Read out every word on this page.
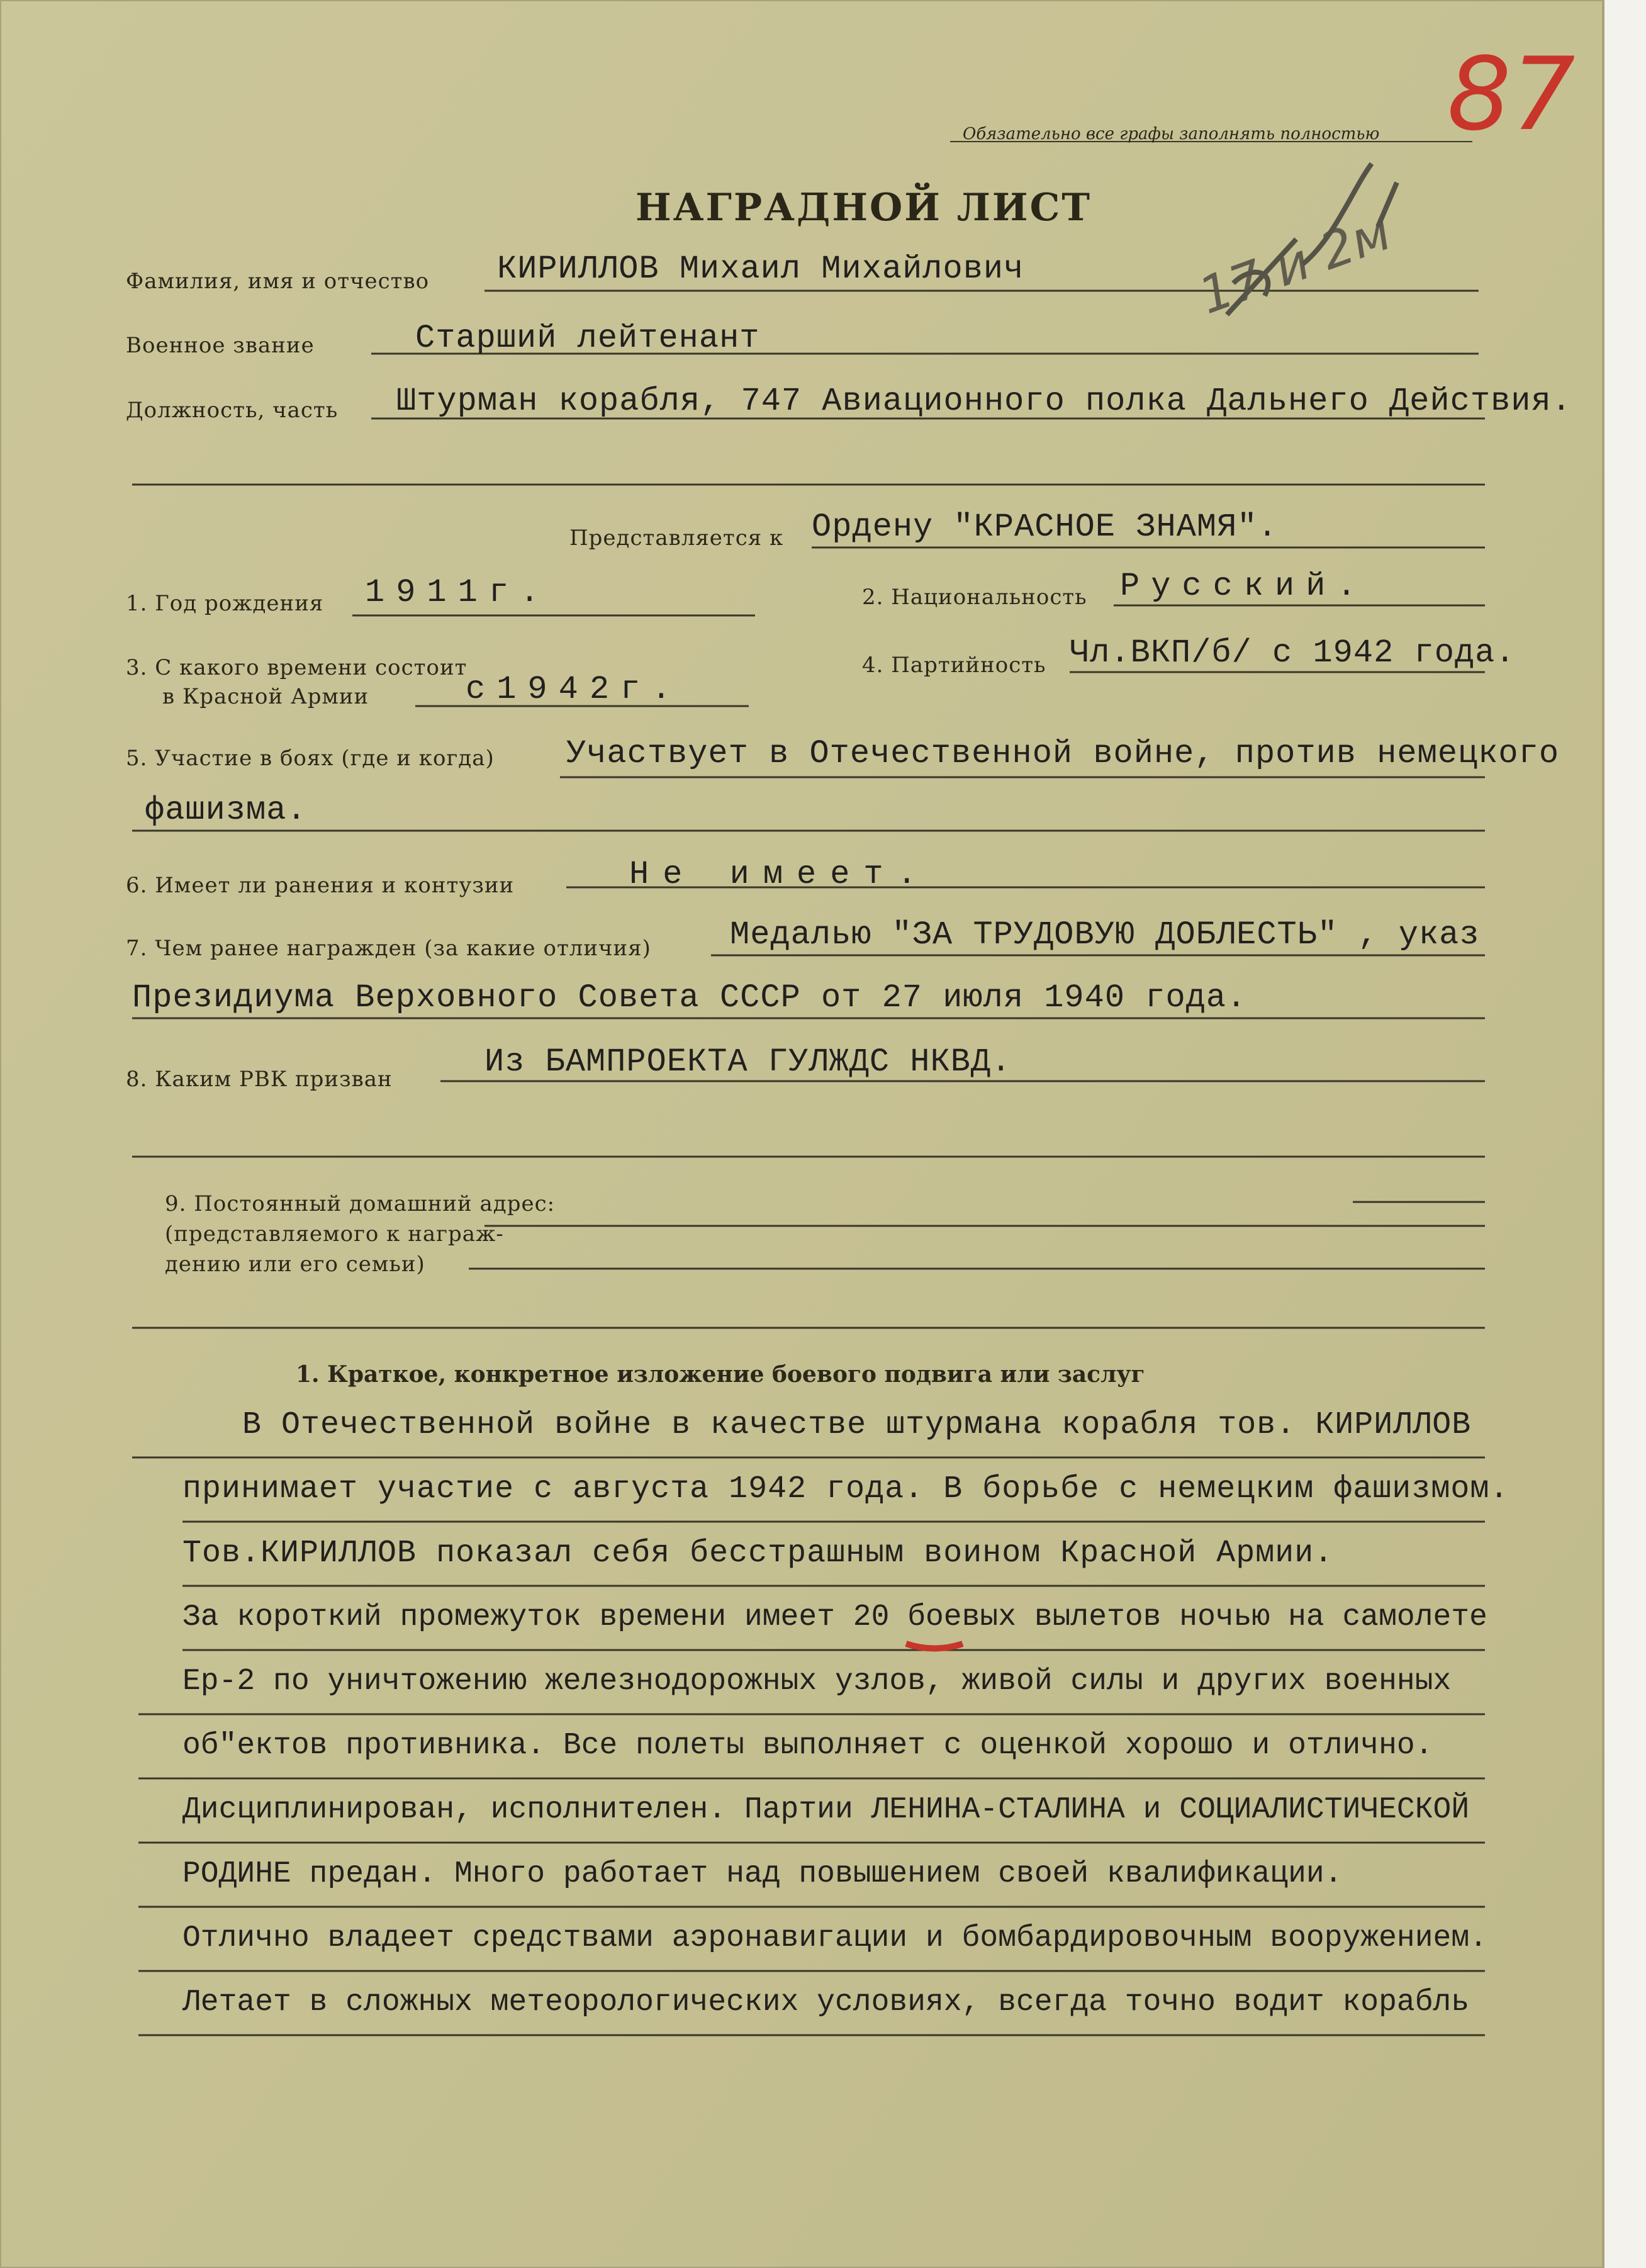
Обязательно все графы заполнять полностью
НАГРАДНОЙ ЛИСТ
87
Фамилия, имя и отчество КИРИЛЛОВ Михаил Михайлович
Военное звание	Старший лейтенант
Должность, часть Штурман корабля, 747 Авиационного полка Дальнего Действия.
Представляется к Ордену "КРАСНОЕ ЗНАМЯ".
1. Год рождения 1911г.	2. Национальность Русский.
3. С какого времени состоит
в Красной Армии	с1942г.
4. Партийность Чл.ВКП/б/ с 1942 года.
5. Участие в боях (где и когда) Участвует в Отечественной войне, против немецкого
фашизма.
6. Имеет ли ранения и контузии	Не имеет.
7. Чем ранее награжден (за какие отличия) Медалью "ЗА ТРУДОВУЮ ДОБЛЕСТЬ" , указ
Президиума Верховного Совета СССР от 27 июля 1940 года.
8. Каким РВК призван	Из БАМПРОЕКТА ГУЛЖДС НКВД.
9. Постоянный домашний адрес:
(представляемого к награж-
дению или его семьи)
1. Краткое, конкретное изложение боевого подвига или заслуг
В Отечественной войне в качестве штурмана корабля тов. КИРИЛЛОВ
принимает участие с августа 1942 года. В борьбе с немецким фашизмом.
Тов.КИРИЛЛОВ показал себя бесстрашным воином Красной Армии.
За короткий промежуток времени имеет 20 боевых вылетов ночью на самолете
Ер-2 по уничтожению железнодорожных узлов, живой силы и других военных
об"ектов противника. Все полеты выполняет с оценкой хорошо и отлично.
Дисциплинирован, исполнителен. Партии ЛЕНИНА-СТАЛИНА и СОЦИАЛИСТИЧЕСКОЙ
РОДИНЕ предан. Много работает над повышением своей квалификации.
Отлично владеет средствами аэронавигации и бомбардировочным вооружением.
Летает в сложных метеорологических условиях, всегда точно водит корабль
17 и 2м
